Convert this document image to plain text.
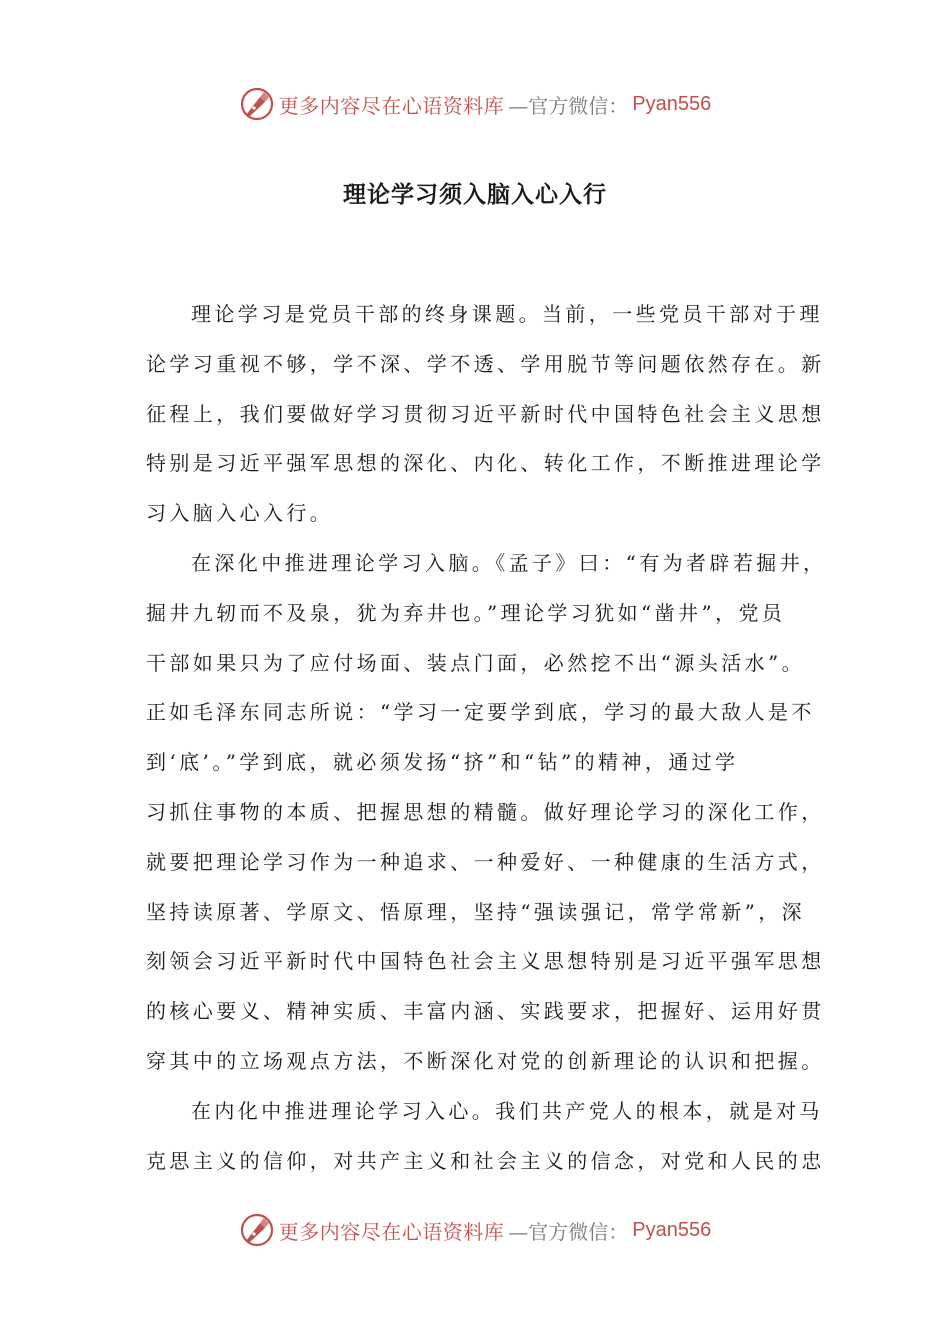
更多内容尽在心语资料库 —官方微信： Pyan556
理论学习须入脑入心入行
理论学习是党员干部的终身课题。当前，一些党员干部对于理
论学习重视不够，学不深、学不透、学用脱节等问题依然存在。新
征程上，我们要做好学习贯彻习近平新时代中国特色社会主义思想
特别是习近平强军思想的深化、内化、转化工作，不断推进理论学
习入脑入心入行。
在深化中推进理论学习入脑。《孟子》曰：“有为者辟若掘井，
掘井九轫而不及泉，犹为弃井也。”理论学习犹如“凿井”，党员
干部如果只为了应付场面、装点门面，必然挖不出“源头活水”。
正如毛泽东同志所说：“学习一定要学到底，学习的最大敌人是不
到‘底’。”学到底，就必须发扬“挤”和“钻”的精神，通过学
习抓住事物的本质、把握思想的精髓。做好理论学习的深化工作，
就要把理论学习作为一种追求、一种爱好、一种健康的生活方式，
坚持读原著、学原文、悟原理，坚持“强读强记，常学常新”，深
刻领会习近平新时代中国特色社会主义思想特别是习近平强军思想
的核心要义、精神实质、丰富内涵、实践要求，把握好、运用好贯
穿其中的立场观点方法，不断深化对党的创新理论的认识和把握。
在内化中推进理论学习入心。我们共产党人的根本，就是对马
克思主义的信仰，对共产主义和社会主义的信念，对党和人民的忠
更多内容尽在心语资料库 —官方微信： Pyan556
